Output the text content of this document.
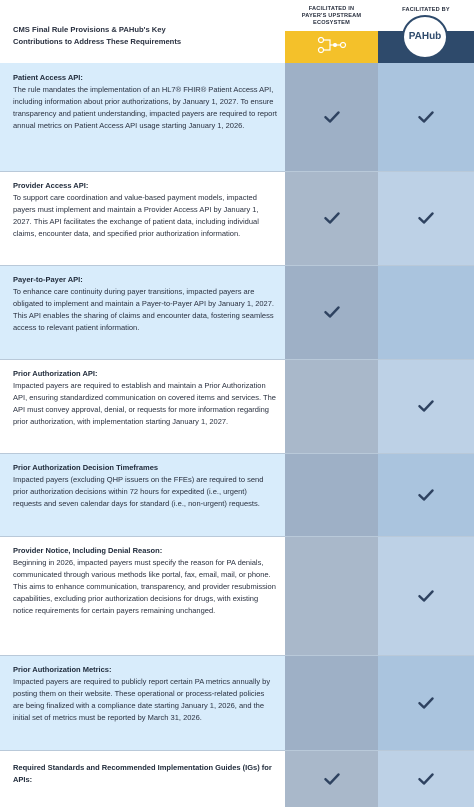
CMS Final Rule Provisions & PAHub's Key
Contributions to Address These Requirements
FACILITATED IN
PAYER'S UPSTREAM
ECOSYSTEM
FACILITATED BY
PAHub
Patient Access API:
The rule mandates the implementation of an HL7® FHIR® Patient Access API, including information about prior authorizations, by January 1, 2027. To ensure transparency and patient understanding, impacted payers are required to report annual metrics on Patient Access API usage starting January 1, 2026.
Provider Access API:
To support care coordination and value-based payment models, impacted payers must implement and maintain a Provider Access API by January 1, 2027. This API facilitates the exchange of patient data, including individual claims, encounter data, and specified prior authorization information.
Payer-to-Payer API:
To enhance care continuity during payer transitions, impacted payers are obligated to implement and maintain a Payer-to-Payer API by January 1, 2027. This API enables the sharing of claims and encounter data, fostering seamless access to relevant patient information.
Prior Authorization API:
Impacted payers are required to establish and maintain a Prior Authorization API, ensuring standardized communication on covered items and services. The API must convey approval, denial, or requests for more information regarding prior authorization, with implementation starting January 1, 2027.
Prior Authorization Decision Timeframes
Impacted payers (excluding QHP issuers on the FFEs) are required to send prior authorization decisions within 72 hours for expedited (i.e., urgent) requests and seven calendar days for standard (i.e., non-urgent) requests.
Provider Notice, Including Denial Reason:
Beginning in 2026, impacted payers must specify the reason for PA denials, communicated through various methods like portal, fax, email, mail, or phone. This aims to enhance communication, transparency, and provider resubmission capabilities, excluding prior authorization decisions for drugs, with existing notice requirements for certain payers remaining unchanged.
Prior Authorization Metrics:
Impacted payers are required to publicly report certain PA metrics annually by posting them on their website. These operational or process-related policies are being finalized with a compliance date starting January 1, 2026, and the initial set of metrics must be reported by March 31, 2026.
Required Standards and Recommended Implementation Guides (IGs) for APIs:
